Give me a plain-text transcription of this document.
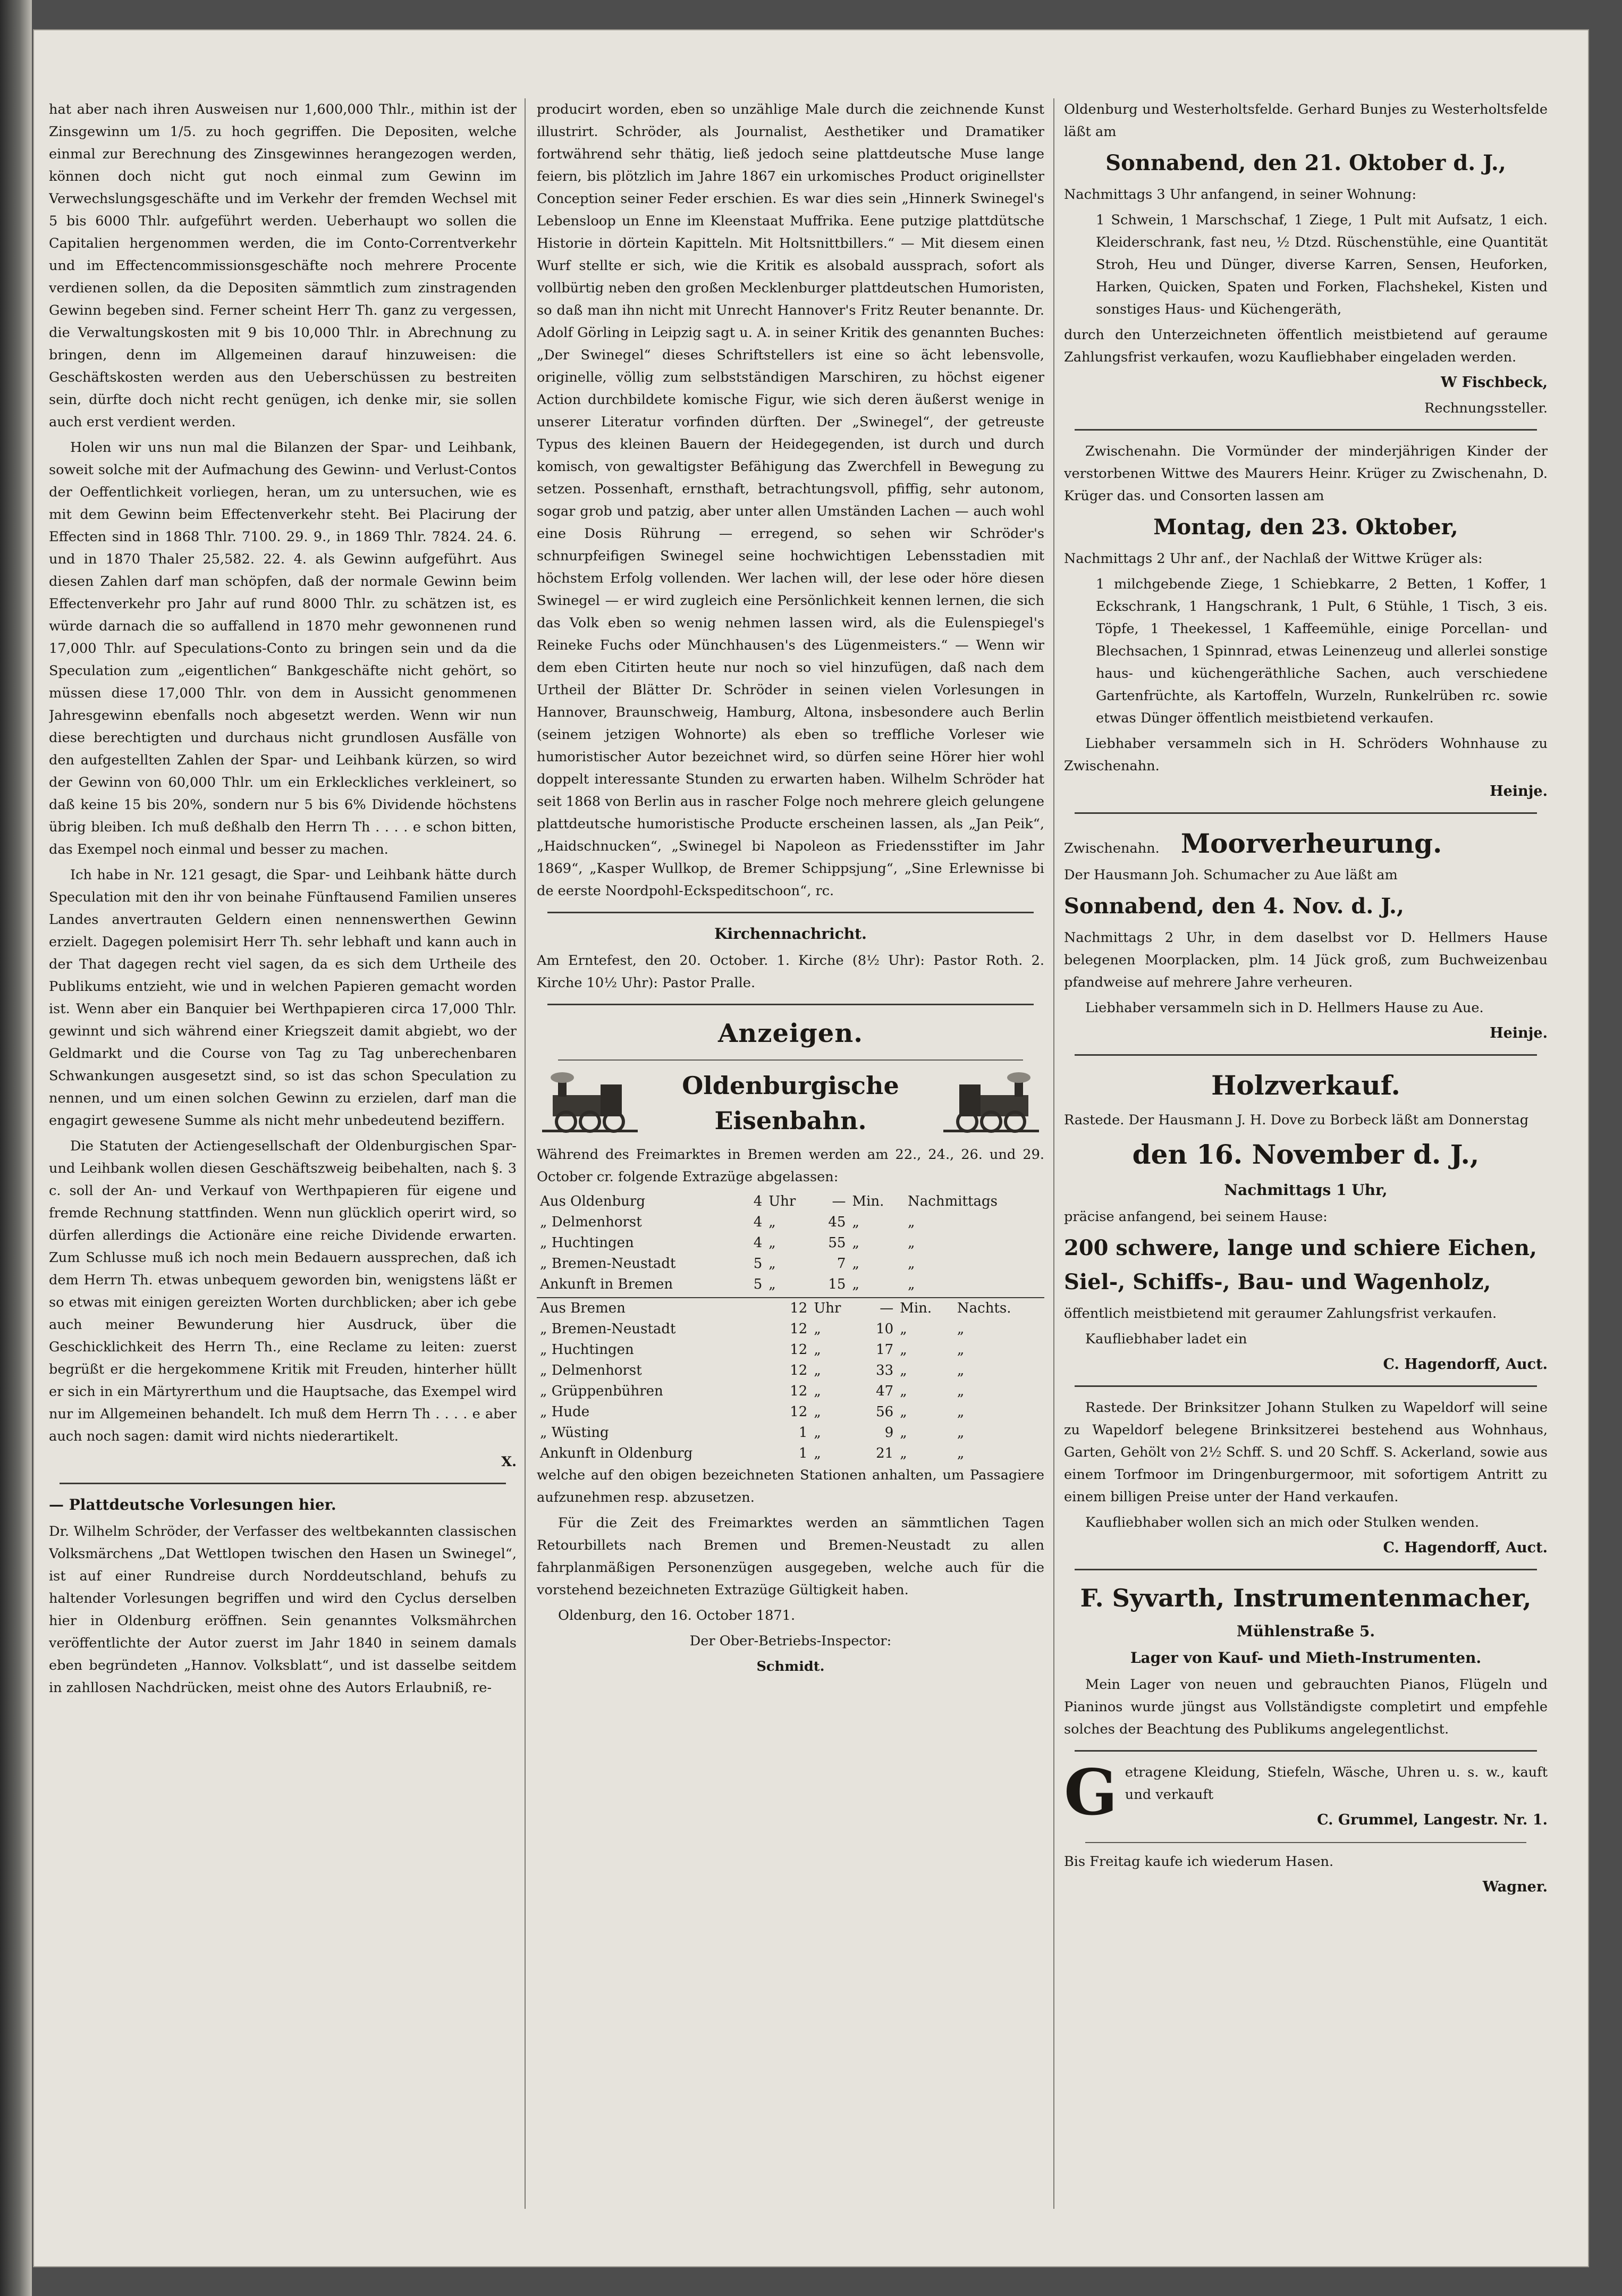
hat aber nach ihren Ausweisen nur 1,600,000 Thlr., mithin ist der Zinsgewinn um 1/5. zu hoch gegriffen. Die Depositen, welche einmal zur Berechnung des Zinsgewinnes herangezogen werden, können doch nicht gut noch einmal zum Gewinn im Verwechslungsgeschäfte und im Verkehr der fremden Wechsel mit 5 bis 6000 Thlr. aufgeführt werden. Ueberhaupt wo sollen die Capitalien hergenommen werden, die im Conto-Correntverkehr und im Effectencommissionsgeschäfte noch mehrere Procente verdienen sollen, da die Depositen sämmtlich zum zinstragenden Gewinn begeben sind. Ferner scheint Herr Th. ganz zu vergessen, die Verwaltungskosten mit 9 bis 10,000 Thlr. in Abrechnung zu bringen, denn im Allgemeinen darauf hinzuweisen: die Geschäftskosten werden aus den Ueberschüssen zu bestreiten sein, dürfte doch nicht recht genügen, ich denke mir, sie sollen auch erst verdient werden.

Holen wir uns nun mal die Bilanzen der Spar- und Leihbank, soweit solche mit der Aufmachung des Gewinn- und Verlust-Contos der Oeffentlichkeit vorliegen, heran, um zu untersuchen, wie es mit dem Gewinn beim Effectenverkehr steht. Bei Placirung der Effecten sind in 1868 Thlr. 7100. 29. 9., in 1869 Thlr. 7824. 24. 6. und in 1870 Thaler 25,582. 22. 4. als Gewinn aufgeführt. Aus diesen Zahlen darf man schöpfen, daß der normale Gewinn beim Effectenverkehr pro Jahr auf rund 8000 Thlr. zu schätzen ist, es würde darnach die so auffallend in 1870 mehr gewonnenen rund 17,000 Thlr. auf Speculations-Conto zu bringen sein und da die Speculation zum „eigentlichen“ Bankgeschäfte nicht gehört, so müssen diese 17,000 Thlr. von dem in Aussicht genommenen Jahresgewinn ebenfalls noch abgesetzt werden. Wenn wir nun diese berechtigten und durchaus nicht grundlosen Ausfälle von den aufgestellten Zahlen der Spar- und Leihbank kürzen, so wird der Gewinn von 60,000 Thlr. um ein Erkleckliches verkleinert, so daß keine 15 bis 20%, sondern nur 5 bis 6% Dividende höchstens übrig bleiben. Ich muß deßhalb den Herrn Th . . . . e schon bitten, das Exempel noch einmal und besser zu machen.

Ich habe in Nr. 121 gesagt, die Spar- und Leihbank hätte durch Speculation mit den ihr von beinahe Fünftausend Familien unseres Landes anvertrauten Geldern einen nennenswerthen Gewinn erzielt. Dagegen polemisirt Herr Th. sehr lebhaft und kann auch in der That dagegen recht viel sagen, da es sich dem Urtheile des Publikums entzieht, wie und in welchen Papieren gemacht worden ist. Wenn aber ein Banquier bei Werthpapieren circa 17,000 Thlr. gewinnt und sich während einer Kriegszeit damit abgiebt, wo der Geldmarkt und die Course von Tag zu Tag unberechenbaren Schwankungen ausgesetzt sind, so ist das schon Speculation zu nennen, und um einen solchen Gewinn zu erzielen, darf man die engagirt gewesene Summe als nicht mehr unbedeutend beziffern.

Die Statuten der Actiengesellschaft der Oldenburgischen Spar- und Leihbank wollen diesen Geschäftszweig beibehalten, nach §. 3 c. soll der An- und Verkauf von Werthpapieren für eigene und fremde Rechnung stattfinden. Wenn nun glücklich operirt wird, so dürfen allerdings die Actionäre eine reiche Dividende erwarten. Zum Schlusse muß ich noch mein Bedauern aussprechen, daß ich dem Herrn Th. etwas unbequem geworden bin, wenigstens läßt er so etwas mit einigen gereizten Worten durchblicken; aber ich gebe auch meiner Bewunderung hier Ausdruck, über die Geschicklichkeit des Herrn Th., eine Reclame zu leiten: zuerst begrüßt er die hergekommene Kritik mit Freuden, hinterher hüllt er sich in ein Märtyrerthum und die Hauptsache, das Exempel wird nur im Allgemeinen behandelt. Ich muß dem Herrn Th . . . . e aber auch noch sagen: damit wird nichts niederartikelt.

X.

— Plattdeutsche Vorlesungen hier.

Dr. Wilhelm Schröder, der Verfasser des weltbekannten classischen Volksmärchens „Dat Wettlopen twischen den Hasen un Swinegel“, ist auf einer Rundreise durch Norddeutschland, behufs zu haltender Vorlesungen begriffen und wird den Cyclus derselben hier in Oldenburg eröffnen. Sein genanntes Volksmährchen veröffentlichte der Autor zuerst im Jahr 1840 in seinem damals eben begründeten „Hannov. Volksblatt“, und ist dasselbe seitdem in zahllosen Nachdrücken, meist ohne des Autors Erlaubniß, re-

producirt worden, eben so unzählige Male durch die zeichnende Kunst illustrirt. Schröder, als Journalist, Aesthetiker und Dramatiker fortwährend sehr thätig, ließ jedoch seine plattdeutsche Muse lange feiern, bis plötzlich im Jahre 1867 ein urkomisches Product originellster Conception seiner Feder erschien. Es war dies sein „Hinnerk Swinegel's Lebensloop un Enne im Kleenstaat Muffrika. Eene putzige plattdütsche Historie in dörtein Kapitteln. Mit Holtsnittbillers.“ — Mit diesem einen Wurf stellte er sich, wie die Kritik es alsobald aussprach, sofort als vollbürtig neben den großen Mecklenburger plattdeutschen Humoristen, so daß man ihn nicht mit Unrecht Hannover's Fritz Reuter benannte. Dr. Adolf Görling in Leipzig sagt u. A. in seiner Kritik des genannten Buches: „Der Swinegel“ dieses Schriftstellers ist eine so ächt lebensvolle, originelle, völlig zum selbstständigen Marschiren, zu höchst eigener Action durchbildete komische Figur, wie sich deren äußerst wenige in unserer Literatur vorfinden dürften. Der „Swinegel“, der getreuste Typus des kleinen Bauern der Heidegegenden, ist durch und durch komisch, von gewaltigster Befähigung das Zwerchfell in Bewegung zu setzen. Possenhaft, ernsthaft, betrachtungsvoll, pfiffig, sehr autonom, sogar grob und patzig, aber unter allen Umständen Lachen — auch wohl eine Dosis Rührung — erregend, so sehen wir Schröder's schnurpfeifigen Swinegel seine hochwichtigen Lebensstadien mit höchstem Erfolg vollenden. Wer lachen will, der lese oder höre diesen Swinegel — er wird zugleich eine Persönlichkeit kennen lernen, die sich das Volk eben so wenig nehmen lassen wird, als die Eulenspiegel's Reineke Fuchs oder Münchhausen's des Lügenmeisters.“ — Wenn wir dem eben Citirten heute nur noch so viel hinzufügen, daß nach dem Urtheil der Blätter Dr. Schröder in seinen vielen Vorlesungen in Hannover, Braunschweig, Hamburg, Altona, insbesondere auch Berlin (seinem jetzigen Wohnorte) als eben so treffliche Vorleser wie humoristischer Autor bezeichnet wird, so dürfen seine Hörer hier wohl doppelt interessante Stunden zu erwarten haben. Wilhelm Schröder hat seit 1868 von Berlin aus in rascher Folge noch mehrere gleich gelungene plattdeutsche humoristische Producte erscheinen lassen, als „Jan Peik“, „Haidschnucken“, „Swinegel bi Napoleon as Friedensstifter im Jahr 1869“, „Kasper Wullkop, de Bremer Schippsjung“, „Sine Erlewnisse bi de eerste Noordpohl-Eckspeditschoon“, rc.

Kirchennachricht.

Am Erntefest, den 20. October. 1. Kirche (8½ Uhr): Pastor Roth. 2. Kirche 10½ Uhr): Pastor Pralle.

Anzeigen.

Oldenburgische Eisenbahn.

Während des Freimarktes in Bremen werden am 22., 24., 26. und 29. October cr. folgende Extrazüge abgelassen:

Aus Oldenburg	4	Uhr	—	Min.	Nachmittags
„ Delmenhorst	4	„	45	„	„
„ Huchtingen	4	„	55	„	„
„ Bremen-Neustadt	5	„	7	„	„
Ankunft in Bremen	5	„	15	„	„
Aus Bremen	12	Uhr	—	Min.	Nachts.
„ Bremen-Neustadt	12	„	10	„	„
„ Huchtingen	12	„	17	„	„
„ Delmenhorst	12	„	33	„	„
„ Grüppenbühren	12	„	47	„	„
„ Hude	12	„	56	„	„
„ Wüsting	1	„	9	„	„
Ankunft in Oldenburg	1	„	21	„	„

welche auf den obigen bezeichneten Stationen anhalten, um Passagiere aufzunehmen resp. abzusetzen.

Für die Zeit des Freimarktes werden an sämmtlichen Tagen Retourbillets nach Bremen und Bremen-Neustadt zu allen fahrplanmäßigen Personenzügen ausgegeben, welche auch für die vorstehend bezeichneten Extrazüge Gültigkeit haben.

Oldenburg, den 16. October 1871.

Der Ober-Betriebs-Inspector:

Schmidt.

Oldenburg und Westerholtsfelde. Gerhard Bunjes zu Westerholtsfelde läßt am

Sonnabend, den 21. Oktober d. J.,

Nachmittags 3 Uhr anfangend, in seiner Wohnung:

1 Schwein, 1 Marschschaf, 1 Ziege, 1 Pult mit Aufsatz, 1 eich. Kleiderschrank, fast neu, ½ Dtzd. Rüschenstühle, eine Quantität Stroh, Heu und Dünger, diverse Karren, Sensen, Heuforken, Harken, Quicken, Spaten und Forken, Flachshekel, Kisten und sonstiges Haus- und Küchengeräth,

durch den Unterzeichneten öffentlich meistbietend auf geraume Zahlungsfrist verkaufen, wozu Kaufliebhaber eingeladen werden.

W Fischbeck,

Rechnungssteller.

Zwischenahn. Die Vormünder der minderjährigen Kinder der verstorbenen Wittwe des Maurers Heinr. Krüger zu Zwischenahn, D. Krüger das. und Consorten lassen am

Montag, den 23. Oktober,

Nachmittags 2 Uhr anf., der Nachlaß der Wittwe Krüger als:

1 milchgebende Ziege, 1 Schiebkarre, 2 Betten, 1 Koffer, 1 Eckschrank, 1 Hangschrank, 1 Pult, 6 Stühle, 1 Tisch, 3 eis. Töpfe, 1 Theekessel, 1 Kaffeemühle, einige Porcellan- und Blechsachen, 1 Spinnrad, etwas Leinenzeug und allerlei sonstige haus- und küchengeräthliche Sachen, auch verschiedene Gartenfrüchte, als Kartoffeln, Wurzeln, Runkelrüben rc. sowie etwas Dünger öffentlich meistbietend verkaufen.

Liebhaber versammeln sich in H. Schröders Wohnhause zu Zwischenahn.

Heinje.

Zwischenahn. Moorverheurung.

Der Hausmann Joh. Schumacher zu Aue läßt am

Sonnabend, den 4. Nov. d. J.,

Nachmittags 2 Uhr, in dem daselbst vor D. Hellmers Hause belegenen Moorplacken, plm. 14 Jück groß, zum Buchweizenbau pfandweise auf mehrere Jahre verheuren.

Liebhaber versammeln sich in D. Hellmers Hause zu Aue.

Heinje.

Holzverkauf.

Rastede. Der Hausmann J. H. Dove zu Borbeck läßt am Donnerstag

den 16. November d. J.,

Nachmittags 1 Uhr,

präcise anfangend, bei seinem Hause:

200 schwere, lange und schiere Eichen, Siel-, Schiffs-, Bau- und Wagenholz,

öffentlich meistbietend mit geraumer Zahlungsfrist verkaufen.

Kaufliebhaber ladet ein

C. Hagendorff, Auct.

Rastede. Der Brinksitzer Johann Stulken zu Wapeldorf will seine zu Wapeldorf belegene Brinksitzerei bestehend aus Wohnhaus, Garten, Gehölt von 2½ Schff. S. und 20 Schff. S. Ackerland, sowie aus einem Torfmoor im Dringenburgermoor, mit sofortigem Antritt zu einem billigen Preise unter der Hand verkaufen.

Kaufliebhaber wollen sich an mich oder Stulken wenden.

C. Hagendorff, Auct.

F. Syvarth, Instrumentenmacher,

Mühlenstraße 5.

Lager von Kauf- und Mieth-Instrumenten.

Mein Lager von neuen und gebrauchten Pianos, Flügeln und Pianinos wurde jüngst aus Vollständigste completirt und empfehle solches der Beachtung des Publikums angelegentlichst.

G etragene Kleidung, Stiefeln, Wäsche, Uhren u. s. w., kauft und verkauft

C. Grummel, Langestr. Nr. 1.

Bis Freitag kaufe ich wiederum Hasen.

Wagner.
